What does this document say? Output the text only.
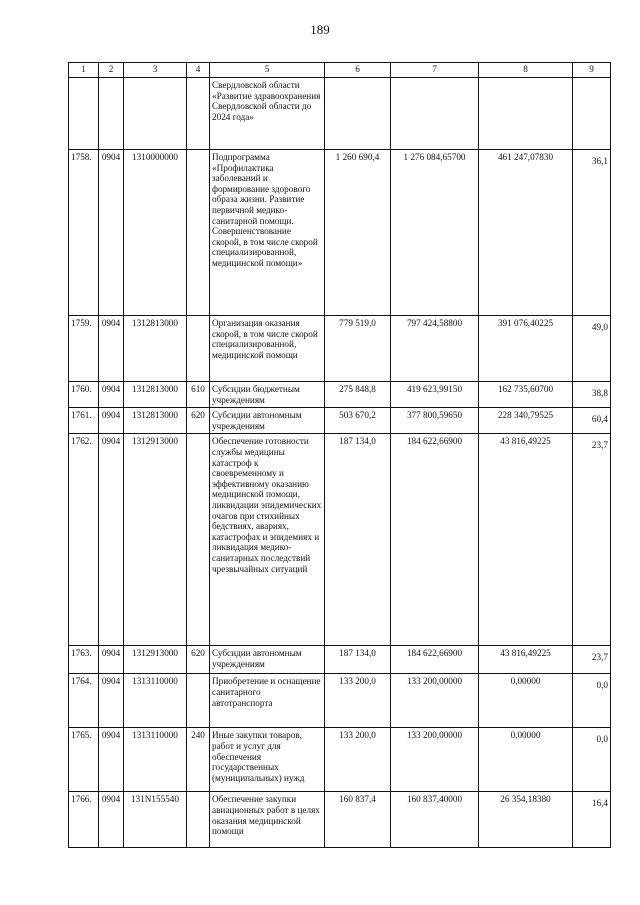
189
1	2	3	4	5	6	7	8	9
				Свердловской области «Развитие здравоохранения Свердловской области до 2024 года»				
1758.	0904	1310000000		Подпрограмма «Профилактика заболеваний и формирование здорового образа жизни. Развитие первичной медико-санитарной помощи. Совершенствование скорой, в том числе скорой специализированной, медицинской помощи»	1 260 690,4	1 276 084,65700	461 247,07830	36,1
1759.	0904	1312813000		Организация оказания скорой, в том числе скорой специализированной, медицинской помощи	779 519,0	797 424,58800	391 076,40225	49,0
1760.	0904	1312813000	610	Субсидии бюджетным учреждениям	275 848,8	419 623,99150	162 735,60700	38,8
1761.	0904	1312813000	620	Субсидии автономным учреждениям	503 670,2	377 800,59650	228 340,79525	60,4
1762.	0904	1312913000		Обеспечение готовности службы медицины катастроф к своевременному и эффективному оказанию медицинской помощи, ликвидации эпидемических очагов при стихийных бедствиях, авариях, катастрофах и эпидемиях и ликвидация медико-санитарных последствий чрезвычайных ситуаций	187 134,0	184 622,66900	43 816,49225	23,7
1763.	0904	1312913000	620	Субсидии автономным учреждениям	187 134,0	184 622,66900	43 816,49225	23,7
1764.	0904	1313110000		Приобретение и оснащение санитарного автотранспорта	133 200,0	133 200,00000	0,00000	0,0
1765.	0904	1313110000	240	Иные закупки товаров, работ и услуг для обеспечения государственных (муниципальных) нужд	133 200,0	133 200,00000	0,00000	0,0
1766.	0904	131N155540		Обеспечение закупки авиационных работ в целях оказания медицинской помощи	160 837,4	160 837,40000	26 354,18380	16,4
